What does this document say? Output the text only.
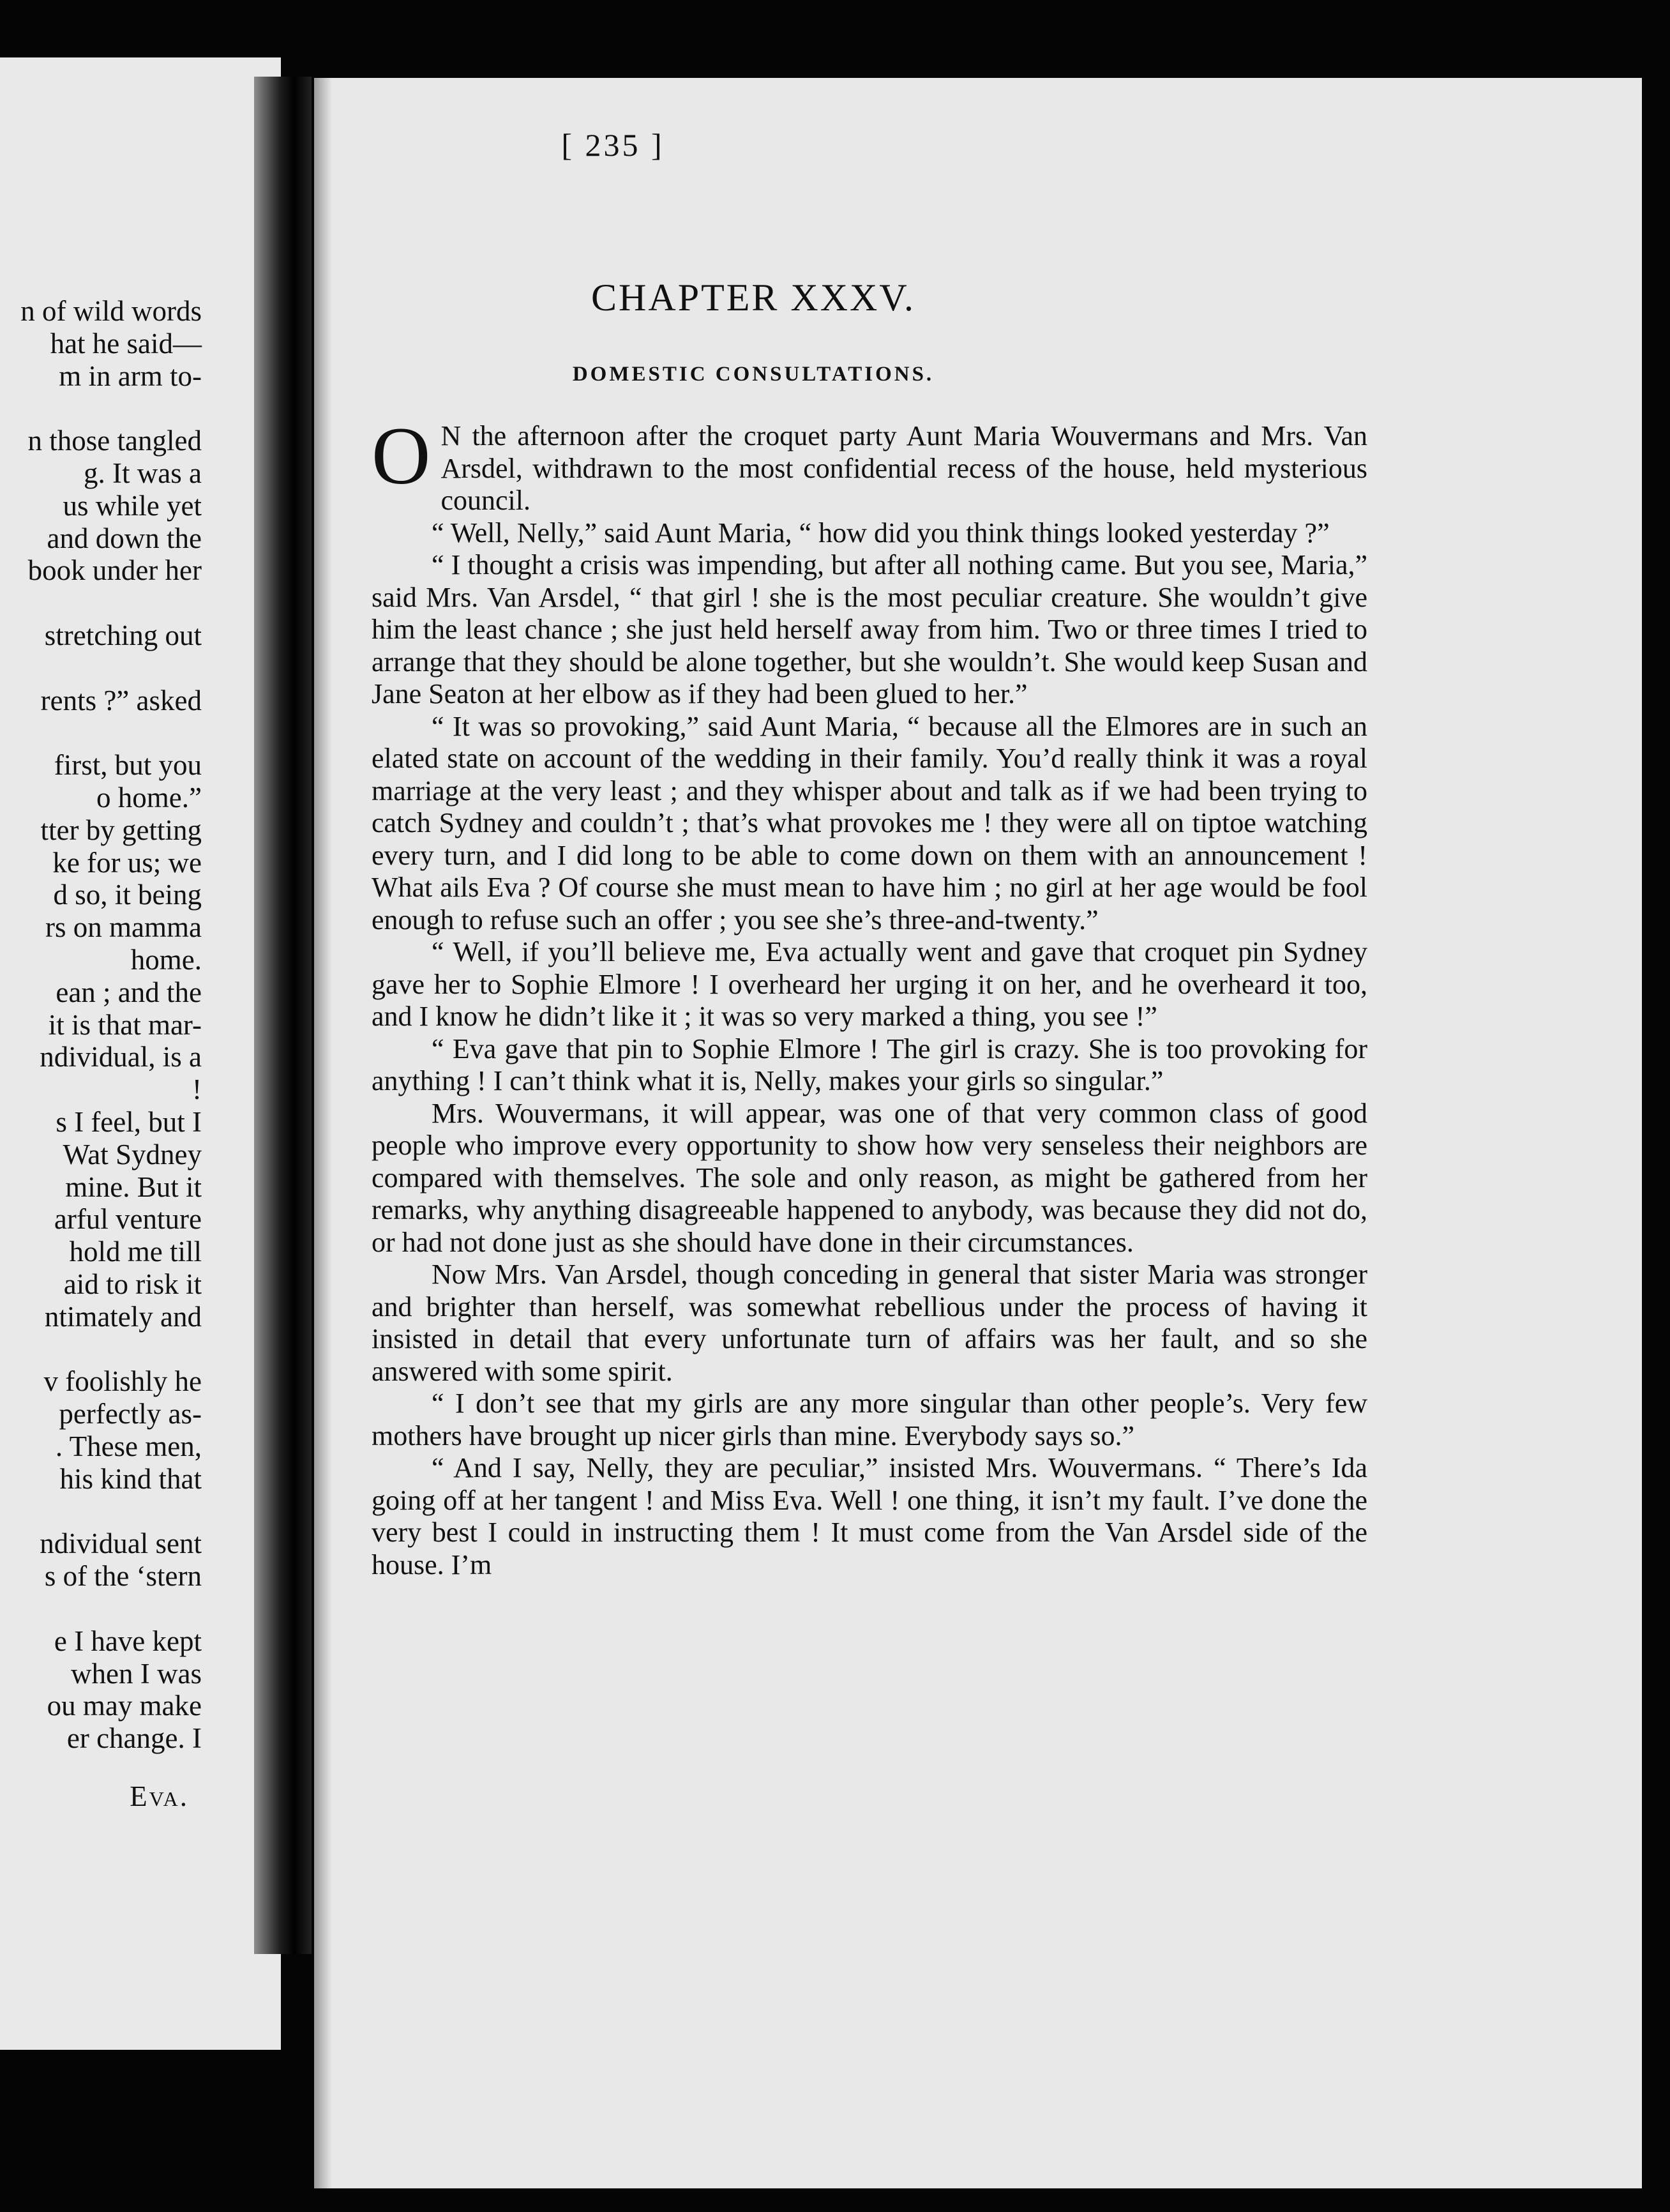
n of wild words
hat he said—
m in arm to-
n those tangled
g. It was a
us while yet
and down the
book under her
stretching out
rents ?” asked
first, but you
o home.”
tter by getting
ke for us; we
d so, it being
rs on mamma
home.
ean ; and the
it is that mar-
ndividual, is a
!
s I feel, but I
Wat Sydney
mine. But it
arful venture
hold me till
aid to risk it
ntimately and
v foolishly he
perfectly as-
. These men,
his kind that
ndividual sent
s of the ‘stern
e I have kept
when I was
ou may make
er change. I
Eva.
[ 235 ]
CHAPTER XXXV.
DOMESTIC CONSULTATIONS.

O N the afternoon after the croquet party Aunt Maria Wouvermans and Mrs. Van Arsdel, withdrawn to the most confidential recess of the house, held mysterious council.

“ Well, Nelly,” said Aunt Maria, “ how did you think things looked yesterday ?”

“ I thought a crisis was impending, but after all nothing came. But you see, Maria,” said Mrs. Van Arsdel, “ that girl ! she is the most peculiar creature. She wouldn’t give him the least chance ; she just held herself away from him. Two or three times I tried to arrange that they should be alone together, but she wouldn’t. She would keep Susan and Jane Seaton at her elbow as if they had been glued to her.”

“ It was so provoking,” said Aunt Maria, “ because all the Elmores are in such an elated state on account of the wedding in their family. You’d really think it was a royal marriage at the very least ; and they whisper about and talk as if we had been trying to catch Sydney and couldn’t ; that’s what provokes me ! they were all on tiptoe watching every turn, and I did long to be able to come down on them with an announcement ! What ails Eva ? Of course she must mean to have him ; no girl at her age would be fool enough to refuse such an offer ; you see she’s three-and-twenty.”

“ Well, if you’ll believe me, Eva actually went and gave that croquet pin Sydney gave her to Sophie Elmore ! I overheard her urging it on her, and he overheard it too, and I know he didn’t like it ; it was so very marked a thing, you see !”

“ Eva gave that pin to Sophie Elmore ! The girl is crazy. She is too provoking for anything ! I can’t think what it is, Nelly, makes your girls so singular.”

Mrs. Wouvermans, it will appear, was one of that very common class of good people who improve every opportunity to show how very senseless their neighbors are compared with themselves. The sole and only reason, as might be gathered from her remarks, why anything disagreeable happened to anybody, was because they did not do, or had not done just as she should have done in their circumstances.

Now Mrs. Van Arsdel, though conceding in general that sister Maria was stronger and brighter than herself, was somewhat rebellious under the process of having it insisted in detail that every unfortunate turn of affairs was her fault, and so she answered with some spirit.

“ I don’t see that my girls are any more singular than other people’s. Very few mothers have brought up nicer girls than mine. Everybody says so.”

“ And I say, Nelly, they are peculiar,” insisted Mrs. Wouvermans. “ There’s Ida going off at her tangent ! and Miss Eva. Well ! one thing, it isn’t my fault. I’ve done the very best I could in instructing them ! It must come from the Van Arsdel side of the house. I’m
